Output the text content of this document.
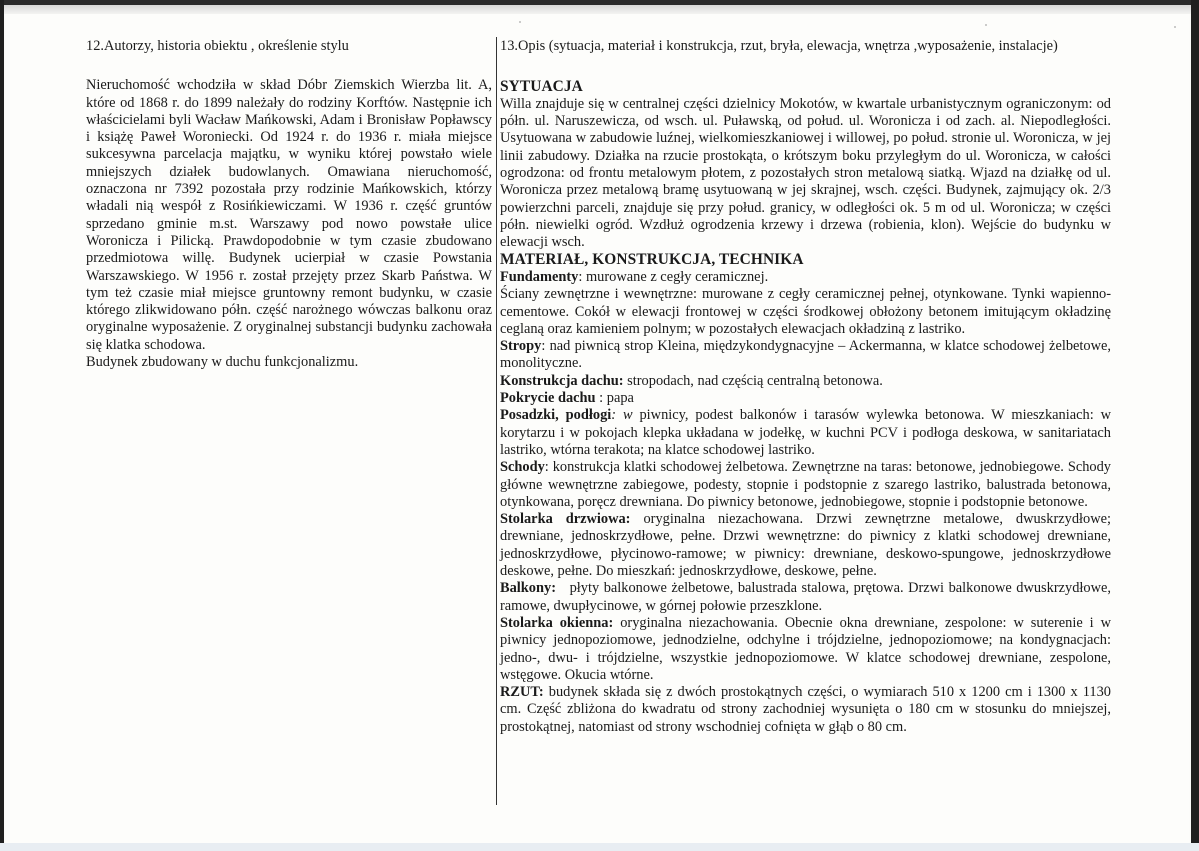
12.Autorzy, historia obiektu , określenie stylu

Nieruchomość wchodziła w skład Dóbr Ziemskich Wierzba lit. A, które od 1868 r. do 1899 należały do rodziny Korftów. Następnie ich właścicielami byli Wacław Mańkowski, Adam i Bronisław Popławscy i książę Paweł Woroniecki. Od 1924 r. do 1936 r. miała miejsce sukcesywna parcelacja majątku, w wyniku której powstało wiele mniejszych działek budowlanych. Omawiana nieruchomość, oznaczona nr 7392 pozostała przy rodzinie Mańkowskich, którzy władali nią wespół z Rosińkiewiczami. W 1936 r. część gruntów sprzedano gminie m.st. Warszawy pod nowo powstałe ulice Woronicza i Pilicką. Prawdopodobnie w tym czasie zbudowano przedmiotowa willę. Budynek ucierpiał w czasie Powstania Warszawskiego. W 1956 r. został przejęty przez Skarb Państwa. W tym też czasie miał miejsce gruntowny remont budynku, w czasie którego zlikwidowano półn. część narożnego wówczas balkonu oraz oryginalne wyposażenie. Z oryginalnej substancji budynku zachowała się klatka schodowa.

Budynek zbudowany w duchu funkcjonalizmu.

13.Opis (sytuacja, materiał i konstrukcja, rzut, bryła, elewacja, wnętrza ,wyposażenie, instalacje)
SYTUACJA

Willa znajduje się w centralnej części dzielnicy Mokotów, w kwartale urbanistycznym ograniczonym: od półn. ul. Naruszewicza, od wsch. ul. Puławską, od połud. ul. Woronicza i od zach. al. Niepodległości. Usytuowana w zabudowie luźnej, wielkomieszkaniowej i willowej, po połud. stronie ul. Woronicza, w jej linii zabudowy. Działka na rzucie prostokąta, o krótszym boku przyległym do ul. Woronicza, w całości ogrodzona: od frontu metalowym płotem, z pozostałych stron metalową siatką. Wjazd na działkę od ul. Woronicza przez metalową bramę usytuowaną w jej skrajnej, wsch. części. Budynek, zajmujący ok. 2/3 powierzchni parceli, znajduje się przy połud. granicy, w odległości ok. 5 m od ul. Woronicza; w części półn. niewielki ogród. Wzdłuż ogrodzenia krzewy i drzewa (robienia, klon). Wejście do budynku w elewacji wsch.

MATERIAŁ, KONSTRUKCJA, TECHNIKA

Fundamenty: murowane z cegły ceramicznej.

Ściany zewnętrzne i wewnętrzne: murowane z cegły ceramicznej pełnej, otynkowane. Tynki wapienno-cementowe. Cokół w elewacji frontowej w części środkowej obłożony betonem imitującym okładzinę ceglaną oraz kamieniem polnym; w pozostałych elewacjach okładziną z lastriko.

Stropy: nad piwnicą strop Kleina, międzykondygnacyjne – Ackermanna, w klatce schodowej żelbetowe, monolityczne.

Konstrukcja dachu: stropodach, nad częścią centralną betonowa.

Pokrycie dachu : papa

Posadzki, podłogi: w piwnicy, podest balkonów i tarasów wylewka betonowa. W mieszkaniach: w korytarzu i w pokojach klepka układana w jodełkę, w kuchni PCV i podłoga deskowa, w sanitariatach lastriko, wtórna terakota; na klatce schodowej lastriko.

Schody: konstrukcja klatki schodowej żelbetowa. Zewnętrzne na taras: betonowe, jednobiegowe. Schody główne wewnętrzne zabiegowe, podesty, stopnie i podstopnie z szarego lastriko, balustrada betonowa, otynkowana, poręcz drewniana. Do piwnicy betonowe, jednobiegowe, stopnie i podstopnie betonowe.

Stolarka drzwiowa: oryginalna niezachowana. Drzwi zewnętrzne metalowe, dwuskrzydłowe; drewniane, jednoskrzydłowe, pełne. Drzwi wewnętrzne: do piwnicy z klatki schodowej drewniane, jednoskrzydłowe, płycinowo-ramowe; w piwnicy: drewniane, deskowo-spungowe, jednoskrzydłowe deskowe, pełne. Do mieszkań: jednoskrzydłowe, deskowe, pełne.

Balkony: płyty balkonowe żelbetowe, balustrada stalowa, prętowa. Drzwi balkonowe dwuskrzydłowe, ramowe, dwupłycinowe, w górnej połowie przeszklone.

Stolarka okienna: oryginalna niezachowania. Obecnie okna drewniane, zespolone: w suterenie i w piwnicy jednopoziomowe, jednodzielne, odchylne i trójdzielne, jednopoziomowe; na kondygnacjach: jedno-, dwu- i trójdzielne, wszystkie jednopoziomowe. W klatce schodowej drewniane, zespolone, wstęgowe. Okucia wtórne.

RZUT: budynek składa się z dwóch prostokątnych części, o wymiarach 510 x 1200 cm i 1300 x 1130 cm. Część zbliżona do kwadratu od strony zachodniej wysunięta o 180 cm w stosunku do mniejszej, prostokątnej, natomiast od strony wschodniej cofnięta w głąb o 80 cm.
